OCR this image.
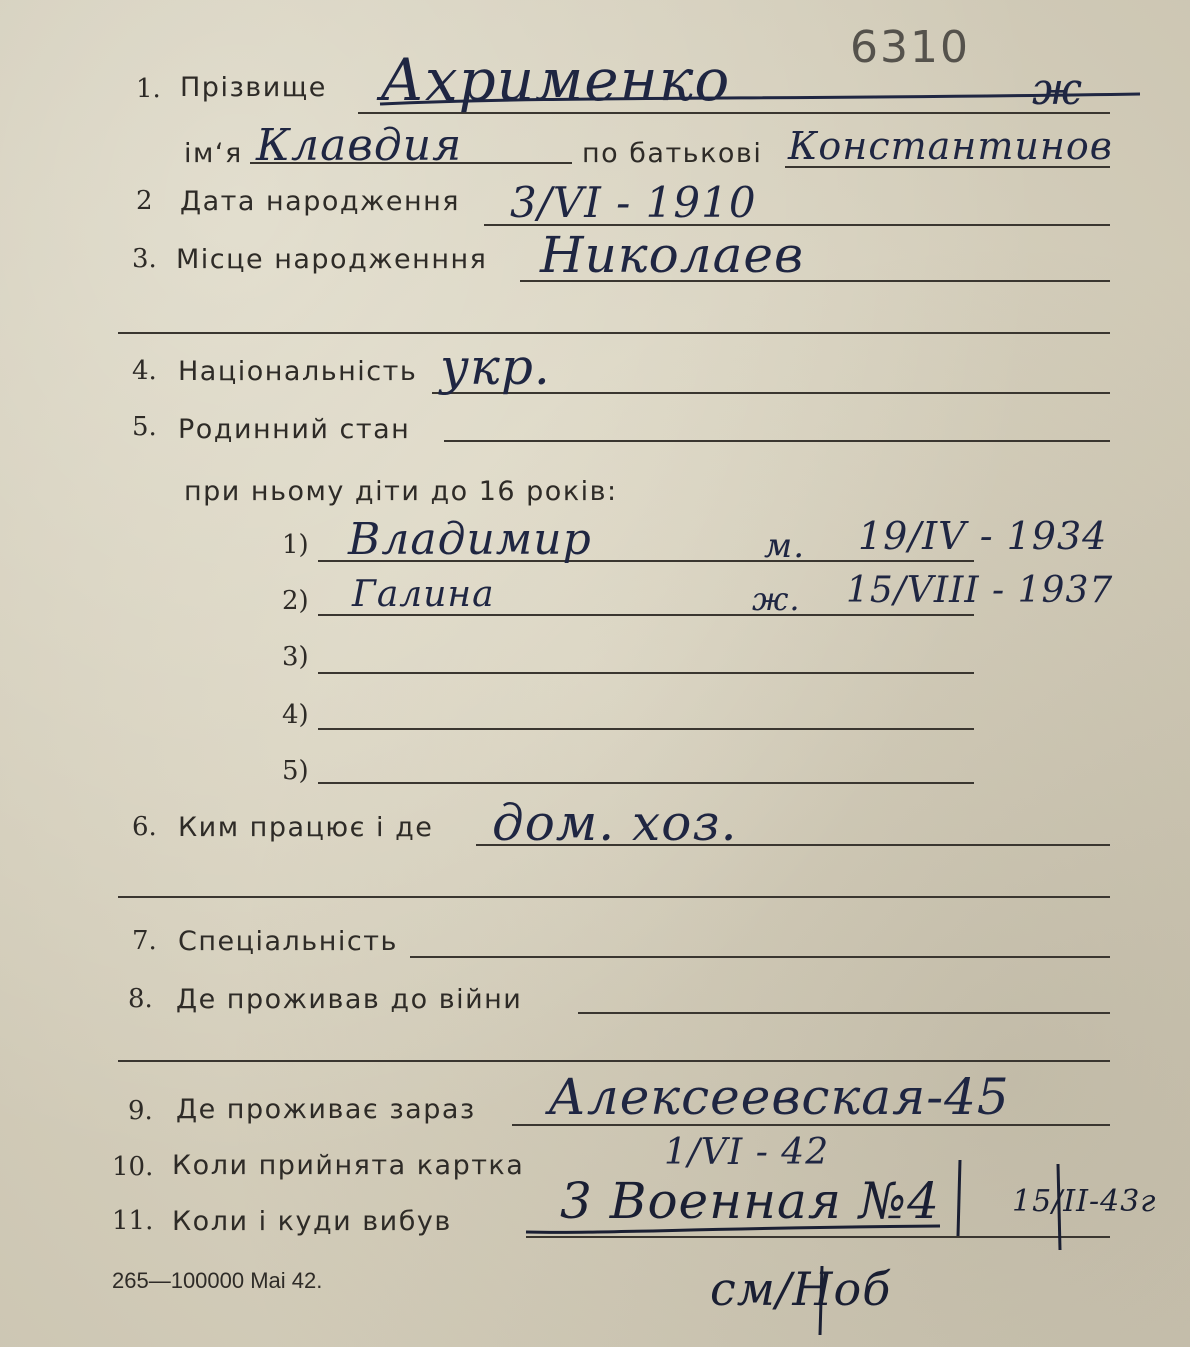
6310
1. Прізвище Ахрименко	ж
ім‘я Клавдия	по батькові Константинов
2 Дата народження 3/VI - 1910
3. Місце народженння Николаев
4. Національність укр.
5. Родинний стан
при ньому діти до 16 років:
1) Владимир	м. 19/IV - 1934
2) Галина	ж. 15/VIII - 1937
3)
4)
5)
6. Ким працює і де дом. хоз.
7. Спеціальність
8. Де проживав до війни
9. Де проживає зараз Алексеевская-45
10. Коли прийнята картка	1/VI - 42
11. Коли і куди вибув 3 Военная №4 15/II-43г
см/Ноб
265—100000 Mai 42.
